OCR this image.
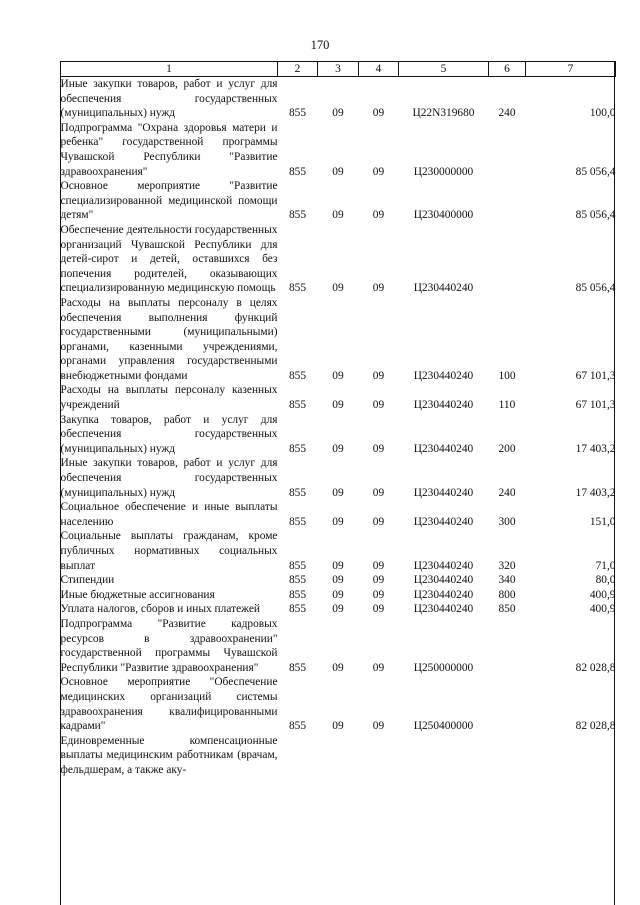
170
1	2	3	4	5	6	7
Иные закупки товаров, работ и услуг для обеспечения государственных (муниципальных) нужд	855	09	09	Ц22N319680	240	100,0
Подпрограмма "Охрана здоровья матери и ребенка" государственной программы Чувашской Республики "Развитие здравоохранения"	855	09	09	Ц230000000		85 056,4
Основное мероприятие "Развитие специализированной медицинской помощи детям"	855	09	09	Ц230400000		85 056,4
Обеспечение деятельности государственных организаций Чувашской Республики для детей-сирот и детей, оставшихся без попечения родителей, оказывающих специализированную медицинскую помощь	855	09	09	Ц230440240		85 056,4
Расходы на выплаты персоналу в целях обеспечения выполнения функций государственными (муниципальными) органами, казенными учреждениями, органами управления государственными внебюджетными фондами	855	09	09	Ц230440240	100	67 101,3
Расходы на выплаты персоналу казенных учреждений	855	09	09	Ц230440240	110	67 101,3
Закупка товаров, работ и услуг для обеспечения государственных (муниципальных) нужд	855	09	09	Ц230440240	200	17 403,2
Иные закупки товаров, работ и услуг для обеспечения государственных (муниципальных) нужд	855	09	09	Ц230440240	240	17 403,2
Социальное обеспечение и иные выплаты населению	855	09	09	Ц230440240	300	151,0
Социальные выплаты гражданам, кроме публичных нормативных социальных выплат	855	09	09	Ц230440240	320	71,0
Стипендии	855	09	09	Ц230440240	340	80,0
Иные бюджетные ассигнования	855	09	09	Ц230440240	800	400,9
Уплата налогов, сборов и иных платежей	855	09	09	Ц230440240	850	400,9
Подпрограмма "Развитие кадровых ресурсов в здравоохранении" государственной программы Чувашской Республики "Развитие здравоохранения"	855	09	09	Ц250000000		82 028,8
Основное мероприятие "Обеспечение медицинских организаций системы здравоохранения квалифицированными кадрами"	855	09	09	Ц250400000		82 028,8
Единовременные компенсационные выплаты медицинским работникам (врачам, фельдшерам, а также аку-						
